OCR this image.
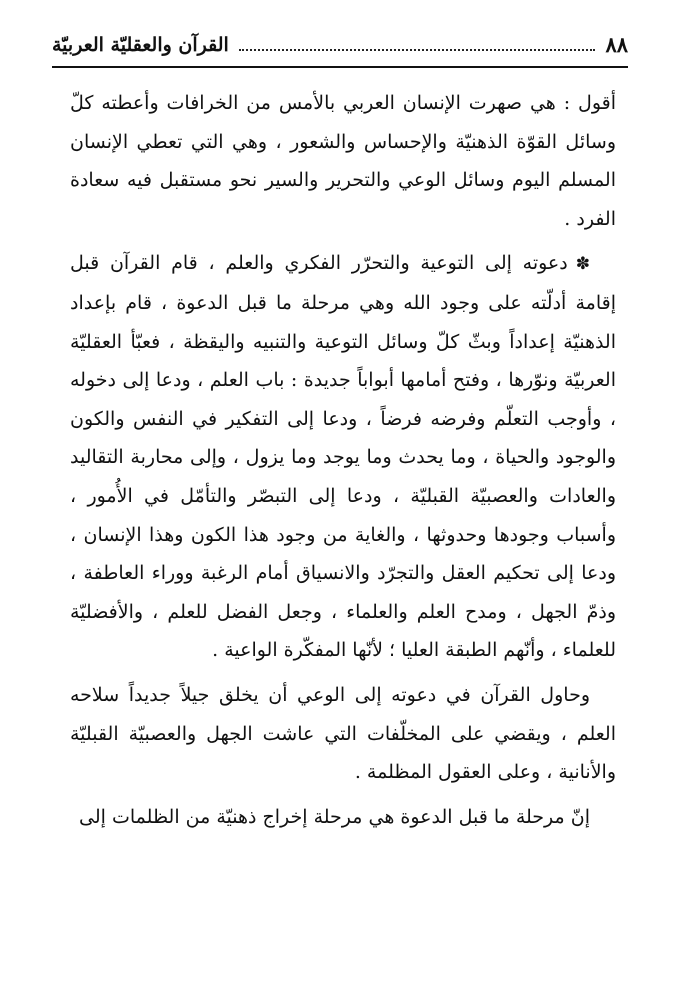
٨٨
القرآن والعقليّة العربيّة

أقول : هي صهرت الإنسان العربي بالأمس من الخرافات وأعطته كلّ وسائل القوّة الذهنيّة والإحساس والشعور ، وهي التي تعطي الإنسان المسلم اليوم وسائل الوعي والتحرير والسير نحو مستقبل فيه سعادة الفرد .

✽دعوته إلى التوعية والتحرّر الفكري والعلم ، قام القرآن قبل إقامة أدلّته على وجود الله وهي مرحلة ما قبل الدعوة ، قام بإعداد الذهنيّة إعداداً وبثّ كلّ وسائل التوعية والتنبيه واليقظة ، فعبّأ العقليّة العربيّة ونوّرها ، وفتح أمامها أبواباً جديدة : باب العلم ، ودعا إلى دخوله ، وأوجب التعلّم وفرضه فرضاً ، ودعا إلى التفكير في النفس والكون والوجود والحياة ، وما يحدث وما يوجد وما يزول ، وإلى محاربة التقاليد والعادات والعصبيّة القبليّة ، ودعا إلى التبصّر والتأمّل في الأُمور ، وأسباب وجودها وحدوثها ، والغاية من وجود هذا الكون وهذا الإنسان ، ودعا إلى تحكيم العقل والتجرّد والانسياق أمام الرغبة ووراء العاطفة ، وذمّ الجهل ، ومدح العلم والعلماء ، وجعل الفضل للعلم ، والأفضليّة للعلماء ، وأنّهم الطبقة العليا ؛ لأنّها المفكّرة الواعية .

وحاول القرآن في دعوته إلى الوعي أن يخلق جيلاً جديداً سلاحه العلم ، ويقضي على المخلّفات التي عاشت الجهل والعصبيّة القبليّة والأنانية ، وعلى العقول المظلمة .

إنّ مرحلة ما قبل الدعوة هي مرحلة إخراج ذهنيّة من الظلمات إلى
